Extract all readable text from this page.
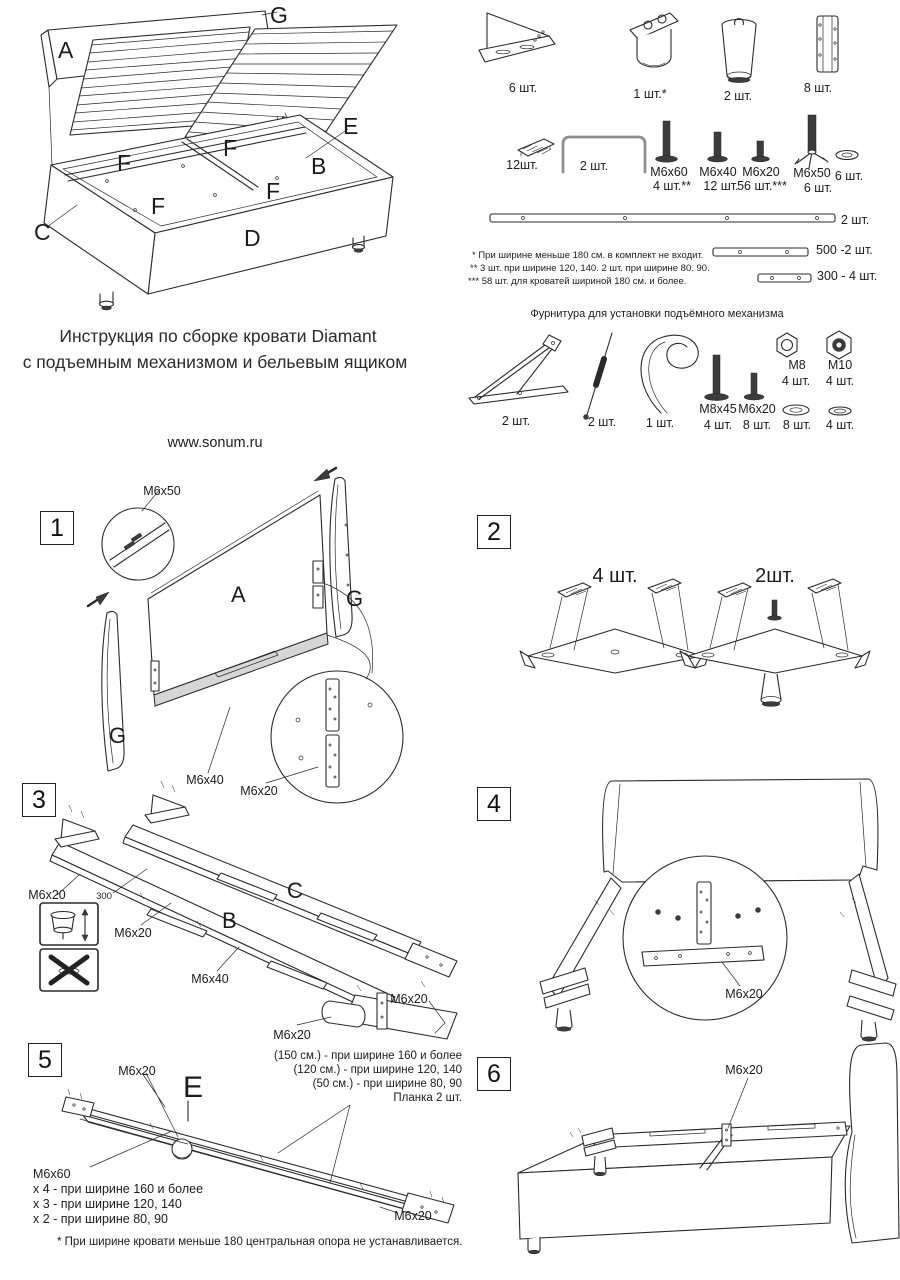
A
G
E
B
F
F
F
F
C	D
6 шт.	1 шт.*	2 шт.
8 шт.
12шт.	2 шт.	M6x60
4 шт.**
M6x40
12 шт.
M6x20
56 шт.***
M6x50
6 шт.
6 шт.
2 шт.
500 -2 шт.
300 - 4 шт.
* При ширине меньше 180 см. в комплект не входит.
** 3 шт. при ширине 120, 140. 2 шт. при ширине 80. 90.
*** 58 шт. для кроватей шириной 180 см. и более.
Фурнитура для установки подъёмного механизма
2 шт.	2 шт. 1 шт.
M8x45
4 шт.
M6x20
8 шт.
M8
4 шт.
M10
4 шт.
8 шт. 4 шт.
Инструкция по сборке кровати Diamant
с подъемным механизмом и бельевым ящиком
www.sonum.ru
1
M6x50
A	G
G
M6x40
M6x20
2
4 шт.	2шт.
3
M6x20	300
M6x20	B
C
M6x40
M6x20
M6x20
4
M6x20
5	M6x20 E
(150 см.) - при ширине 160 и более
(120 см.) - при ширине 120, 140
(50 см.) - при ширине 80, 90
Планка 2 шт.
M6x60
х 4 - при ширине 160 и более
х 3 - при ширине 120, 140
х 2 - при ширине 80, 90	M6x20
6	M6x20
* При ширине кровати меньше 180 центральная опора не устанавливается.
